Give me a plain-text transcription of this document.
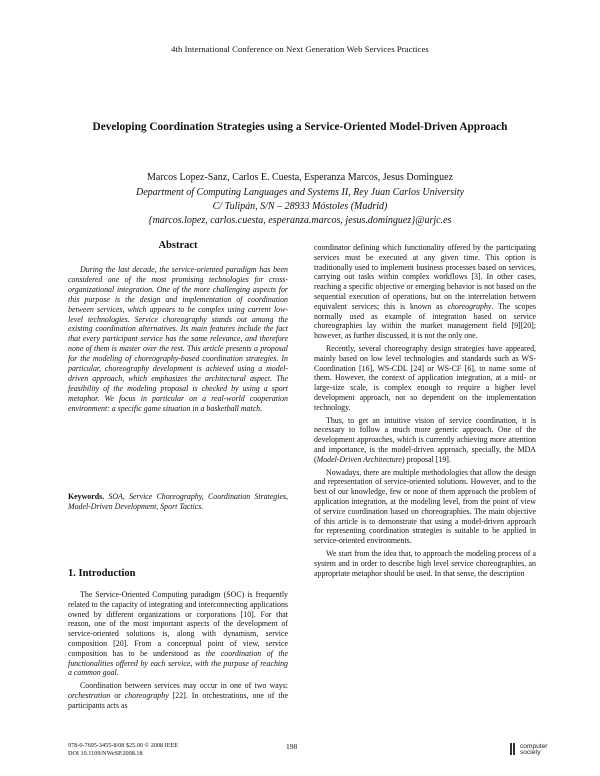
4th International Conference on Next Generation Web Services Practices
Developing Coordination Strategies using a Service-Oriented Model-Driven Approach
Marcos Lopez-Sanz, Carlos E. Cuesta, Esperanza Marcos, Jesus Dominguez
Department of Computing Languages and Systems II, Rey Juan Carlos University
C/ Tulipán, S/N – 28933 Móstoles (Madrid)
{marcos.lopez, carlos.cuesta, esperanza.marcos, jesus.dominguez}@urjc.es
Abstract

During the last decade, the service-oriented paradigm has been considered one of the most promising technologies for cross-organizational integration. One of the more challenging aspects for this purpose is the design and implementation of coordination between services, which appears to be complex using current low-level technologies. Service choreography stands out among the existing coordination alternatives. Its main features include the fact that every participant service has the same relevance, and therefore none of them is master over the rest. This article presents a proposal for the modeling of choreography-based coordination strategies. In particular, choreography development is achieved using a model-driven approach, which emphasizes the architectural aspect. The feasibility of the modeling proposal is checked by using a sport metaphor. We focus in particular on a real-world cooperation environment: a specific game situation in a basketball match.

Keywords. SOA, Service Choreography, Coordination Strategies, Model-Driven Development, Sport Tactics.

1. Introduction

The Service-Oriented Computing paradigm (SOC) is frequently related to the capacity of integrating and interconnecting applications owned by different organizations or corporations [10]. For that reason, one of the most important aspects of the development of service-oriented solutions is, along with dynamism, service composition [20]. From a conceptual point of view, service composition has to be understood as the coordination of the functionalities offered by each service, with the purpose of reaching a common goal.

Coordination between services may occur in one of two ways: orchestration or choreography [22]. In orchestrations, one of the participants acts as

coordinator defining which functionality offered by the participating services must be executed at any given time. This option is traditionally used to implement business processes based on services, carrying out tasks within complex workflows [3]. In other cases, reaching a specific objective or emerging behavior is not based on the sequential execution of operations, but on the interrelation between equivalent services; this is known as choreography. The scopes normally used as example of integration based on service choreographies lay within the market management field [9][20]; however, as further discussed, it is not the only one.

Recently, several choreography design strategies have appeared, mainly based on low level technologies and standards such as WS-Coordination [16], WS-CDL [24] or WS-CF [6], to name some of them. However, the context of application integration, at a mid- or large-size scale, is complex enough to require a higher level development approach, not so dependent on the implementation technology.

Thus, to get an intuitive vision of service coordination, it is necessary to follow a much more generic approach. One of the development approaches, which is currently achieving more attention and importance, is the model-driven approach, specially, the MDA (Model-Driven Architecture) proposal [19].

Nowadays, there are multiple methodologies that allow the design and representation of service-oriented solutions. However, and to the best of our knowledge, few or none of them approach the problem of application integration, at the modeling level, from the point of view of service coordination based on choreographies. The main objective of this article is to demonstrate that using a model-driven approach for representing coordination strategies is suitable to be applied in service-oriented environments.

We start from the idea that, to approach the modeling process of a system and in order to describe high level service choreographies, an appropriate metaphor should be used. In that sense, the description

978-0-7695-3455-8/08 $25.00 © 2008 IEEE
DOI 10.1109/NWeSP.2008.18
198	computer
society
